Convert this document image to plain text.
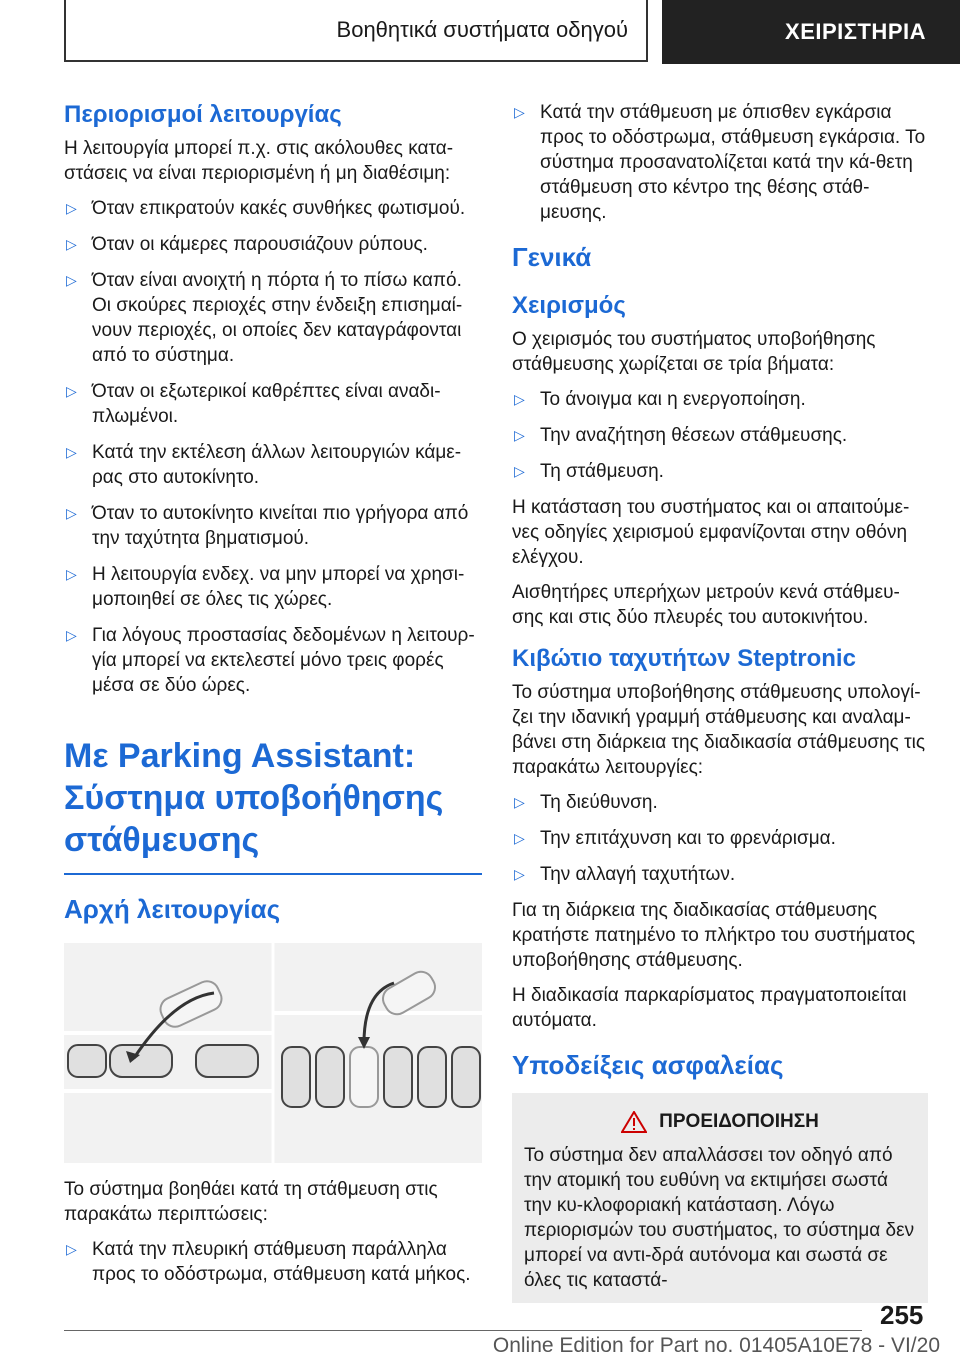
Βοηθητικά συστήματα οδηγού	ΧΕΙΡΙΣΤΗΡΙΑ
Περιορισμοί λειτουργίας
Η λειτουργία μπορεί π.χ. στις ακόλουθες κατα-στάσεις να είναι περιορισμένη ή μη διαθέσιμη:
▷ Όταν επικρατούν κακές συνθήκες φωτισμού.
▷ Όταν οι κάμερες παρουσιάζουν ρύπους.
▷ Όταν είναι ανοιχτή η πόρτα ή το πίσω καπό. Οι σκούρες περιοχές στην ένδειξη επισημαί-νουν περιοχές, οι οποίες δεν καταγράφονται από το σύστημα.
▷ Όταν οι εξωτερικοί καθρέπτες είναι αναδι-πλωμένοι.
▷ Κατά την εκτέλεση άλλων λειτουργιών κάμε-ρας στο αυτοκίνητο.
▷ Όταν το αυτοκίνητο κινείται πιο γρήγορα από την ταχύτητα βηματισμού.
▷ Η λειτουργία ενδεχ. να μην μπορεί να χρησι-μοποιηθεί σε όλες τις χώρες.
▷ Για λόγους προστασίας δεδομένων η λειτουρ-γία μπορεί να εκτελεστεί μόνο τρεις φορές μέσα σε δύο ώρες.
Με Parking Assistant:
Σύστημα υποβοήθησης
στάθμευσης
Αρχή λειτουργίας
Το σύστημα βοηθάει κατά τη στάθμευση στις παρακάτω περιπτώσεις:
▷ Κατά την πλευρική στάθμευση παράλληλα προς το οδόστρωμα, στάθμευση κατά μήκος.
▷ Κατά την στάθμευση με όπισθεν εγκάρσια προς το οδόστρωμα, στάθμευση εγκάρσια. Το σύστημα προσανατολίζεται κατά την κά-θετη στάθμευση στο κέντρο της θέσης στάθ-μευσης.
Γενικά
Χειρισμός
Ο χειρισμός του συστήματος υποβοήθησης στάθμευσης χωρίζεται σε τρία βήματα:
▷ Το άνοιγμα και η ενεργοποίηση.
▷ Την αναζήτηση θέσεων στάθμευσης.
▷ Τη στάθμευση.
Η κατάσταση του συστήματος και οι απαιτούμε-νες οδηγίες χειρισμού εμφανίζονται στην οθόνη ελέγχου.
Αισθητήρες υπερήχων μετρούν κενά στάθμευ-σης και στις δύο πλευρές του αυτοκινήτου.
Κιβώτιο ταχυτήτων Steptronic
Το σύστημα υποβοήθησης στάθμευσης υπολογί-ζει την ιδανική γραμμή στάθμευσης και αναλαμ-βάνει στη διάρκεια της διαδικασία στάθμευσης τις παρακάτω λειτουργίες:
▷ Τη διεύθυνση.
▷ Την επιτάχυνση και το φρενάρισμα.
▷ Την αλλαγή ταχυτήτων.
Για τη διάρκεια της διαδικασίας στάθμευσης κρατήστε πατημένο το πλήκτρο του συστήματος υποβοήθησης στάθμευσης.
Η διαδικασία παρκαρίσματος πραγματοποιείται αυτόματα.
Υποδείξεις ασφαλείας
ΠΡΟΕΙΔΟΠΟΙΗΣΗ
Το σύστημα δεν απαλλάσσει τον οδηγό από την ατομική του ευθύνη να εκτιμήσει σωστά την κυ-κλοφοριακή κατάσταση. Λόγω περιορισμών του συστήματος, το σύστημα δεν μπορεί να αντι-δρά αυτόνομα και σωστά σε όλες τις καταστά-
255
Online Edition for Part no. 01405A10E78 - VI/20
